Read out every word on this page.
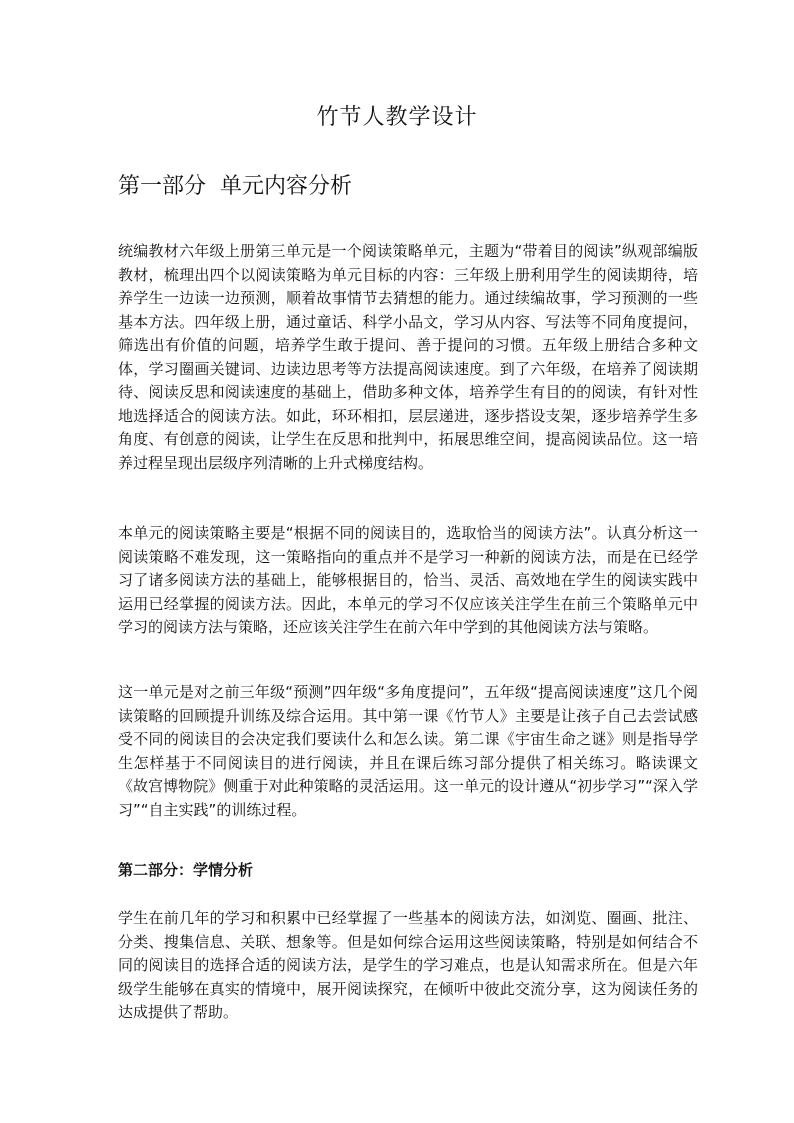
竹节人教学设计
第一部分  单元内容分析

统编教材六年级上册第三单元是一个阅读策略单元，主题为“带着目的阅读”纵观部编版教材，梳理出四个以阅读策略为单元目标的内容：三年级上册利用学生的阅读期待，培养学生一边读一边预测，顺着故事情节去猜想的能力。通过续编故事，学习预测的一些基本方法。四年级上册，通过童话、科学小品文，学习从内容、写法等不同角度提问，筛选出有价值的问题，培养学生敢于提问、善于提问的习惯。五年级上册结合多种文体，学习圈画关键词、边读边思考等方法提高阅读速度。到了六年级，在培养了阅读期待、阅读反思和阅读速度的基础上，借助多种文体，培养学生有目的的阅读，有针对性地选择适合的阅读方法。如此，环环相扣，层层递进，逐步搭设支架，逐步培养学生多角度、有创意的阅读，让学生在反思和批判中，拓展思维空间，提高阅读品位。这一培养过程呈现出层级序列清晰的上升式梯度结构。

本单元的阅读策略主要是“根据不同的阅读目的，选取恰当的阅读方法”。认真分析这一阅读策略不难发现，这一策略指向的重点并不是学习一种新的阅读方法，而是在已经学习了诸多阅读方法的基础上，能够根据目的，恰当、灵活、高效地在学生的阅读实践中运用已经掌握的阅读方法。因此，本单元的学习不仅应该关注学生在前三个策略单元中学习的阅读方法与策略，还应该关注学生在前六年中学到的其他阅读方法与策略。

这一单元是对之前三年级“预测”四年级“多角度提问”，五年级“提高阅读速度”这几个阅读策略的回顾提升训练及综合运用。其中第一课《竹节人》主要是让孩子自己去尝试感受不同的阅读目的会决定我们要读什么和怎么读。第二课《宇宙生命之谜》则是指导学生怎样基于不同阅读目的进行阅读，并且在课后练习部分提供了相关练习。略读课文《故宫博物院》侧重于对此种策略的灵活运用。这一单元的设计遵从“初步学习”“深入学习”“自主实践”的训练过程。

第二部分：学情分析

学生在前几年的学习和积累中已经掌握了一些基本的阅读方法，如浏览、圈画、批注、分类、搜集信息、关联、想象等。但是如何综合运用这些阅读策略，特别是如何结合不同的阅读目的选择合适的阅读方法，是学生的学习难点，也是认知需求所在。但是六年级学生能够在真实的情境中，展开阅读探究，在倾听中彼此交流分享，这为阅读任务的达成提供了帮助。
